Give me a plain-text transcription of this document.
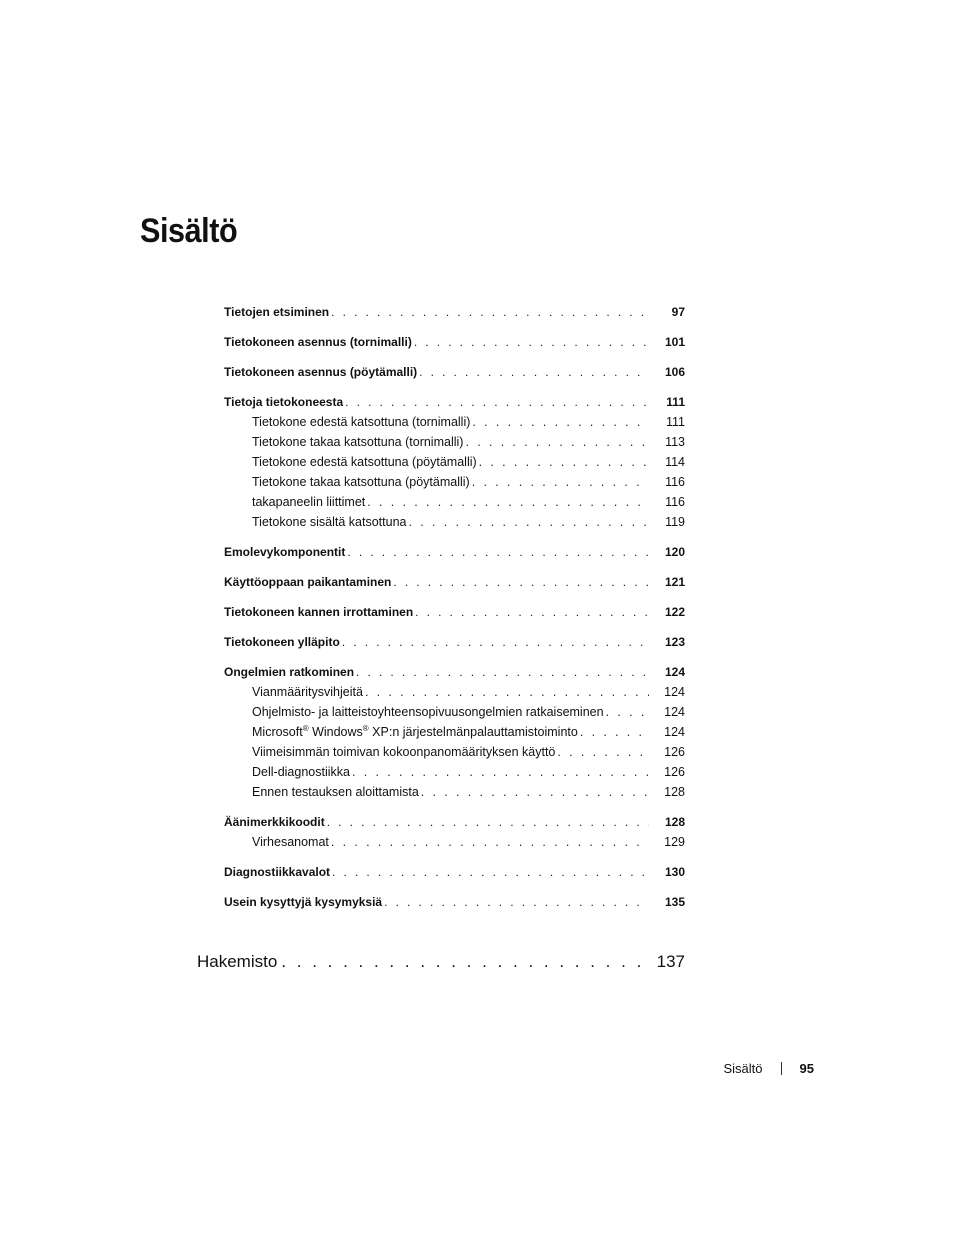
Sisältö
Tietojen etsiminen . . .	97
Tietokoneen asennus (tornimalli) . . .	101
Tietokoneen asennus (pöytämalli) . . .	106
Tietoja tietokoneesta . . .	111
Tietokone edestä katsottuna (tornimalli) . . .	111
Tietokone takaa katsottuna (tornimalli) . . .	113
Tietokone edestä katsottuna (pöytämalli) . . .	114
Tietokone takaa katsottuna (pöytämalli) . . .	116
takapaneelin liittimet . . .	116
Tietokone sisältä katsottuna . . .	119
Emolevykomponentit . . .	120
Käyttöoppaan paikantaminen . . .	121
Tietokoneen kannen irrottaminen . . .	122
Tietokoneen ylläpito . . .	123
Ongelmien ratkominen . . .	124
Vianmääritysvihjeitä . . .	124
Ohjelmisto- ja laitteistoyhteensopivuusongelmien ratkaiseminen . . .	124
Microsoft® Windows® XP:n järjestelmänpalauttamistoiminto . . .	124
Viimeisimmän toimivan kokoonpanomäärityksen käyttö . . .	126
Dell-diagnostiikka . . .	126
Ennen testauksen aloittamista . . .	128
Äänimerkkikoodit . . .	128
Virhesanomat . . .	129
Diagnostiikkavalot . . .	130
Usein kysyttyjä kysymyksiä . . .	135
Hakemisto . . .	137
Sisältö	95
